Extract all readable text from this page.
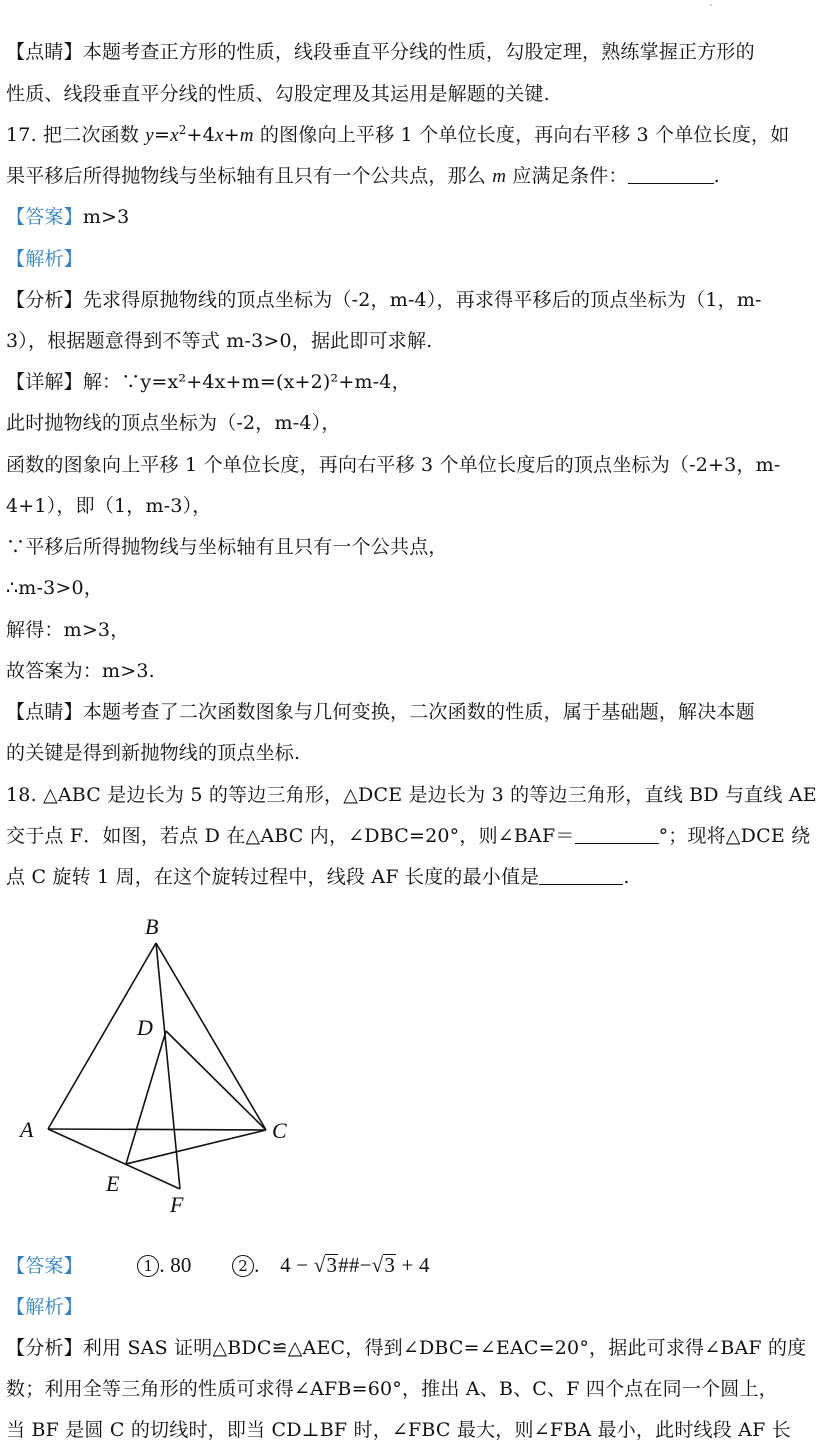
【点睛】本题考查正方形的性质，线段垂直平分线的性质，勾股定理，熟练掌握正方形的
性质、线段垂直平分线的性质、勾股定理及其运用是解题的关键.
17. 把二次函数 $y=x^2+4x+m$ 的图像向上平移 1 个单位长度，再向右平移 3 个单位长度，如
果平移后所得抛物线与坐标轴有且只有一个公共点，那么 m 应满足条件：	.
【答案】m>3
【解析】
【分析】先求得原抛物线的顶点坐标为（-2，m-4），再求得平移后的顶点坐标为（1，m-
3），根据题意得到不等式 m-3>0，据此即可求解.
【详解】解：∵y=x²+4x+m=(x+2)²+m-4，
此时抛物线的顶点坐标为（-2，m-4），
函数的图象向上平移 1 个单位长度，再向右平移 3 个单位长度后的顶点坐标为（-2+3，m-
4+1），即（1，m-3），
∵平移后所得抛物线与坐标轴有且只有一个公共点，
∴m-3>0，
解得：m>3，
故答案为：m>3.
【点睛】本题考查了二次函数图象与几何变换，二次函数的性质，属于基础题，解决本题
的关键是得到新抛物线的顶点坐标.
18. △ABC 是边长为 5 的等边三角形，△DCE 是边长为 3 的等边三角形，直线 BD 与直线 AE
交于点 F．如图，若点 D 在△ABC 内，∠DBC=20°，则∠BAF＝	°；现将△DCE 绕
点 C 旋转 1 周，在这个旋转过程中，线段 AF 长度的最小值是	.
B
D
A	C
E
F
【答案】	1 . 80	2 . 4 − √3##−√3 + 4
【解析】
【分析】利用 SAS 证明△BDC≌△AEC，得到∠DBC=∠EAC=20°，据此可求得∠BAF 的度
数；利用全等三角形的性质可求得∠AFB=60°，推出 A、B、C、F 四个点在同一个圆上，
当 BF 是圆 C 的切线时，即当 CD⊥BF 时，∠FBC 最大，则∠FBA 最小，此时线段 AF 长
